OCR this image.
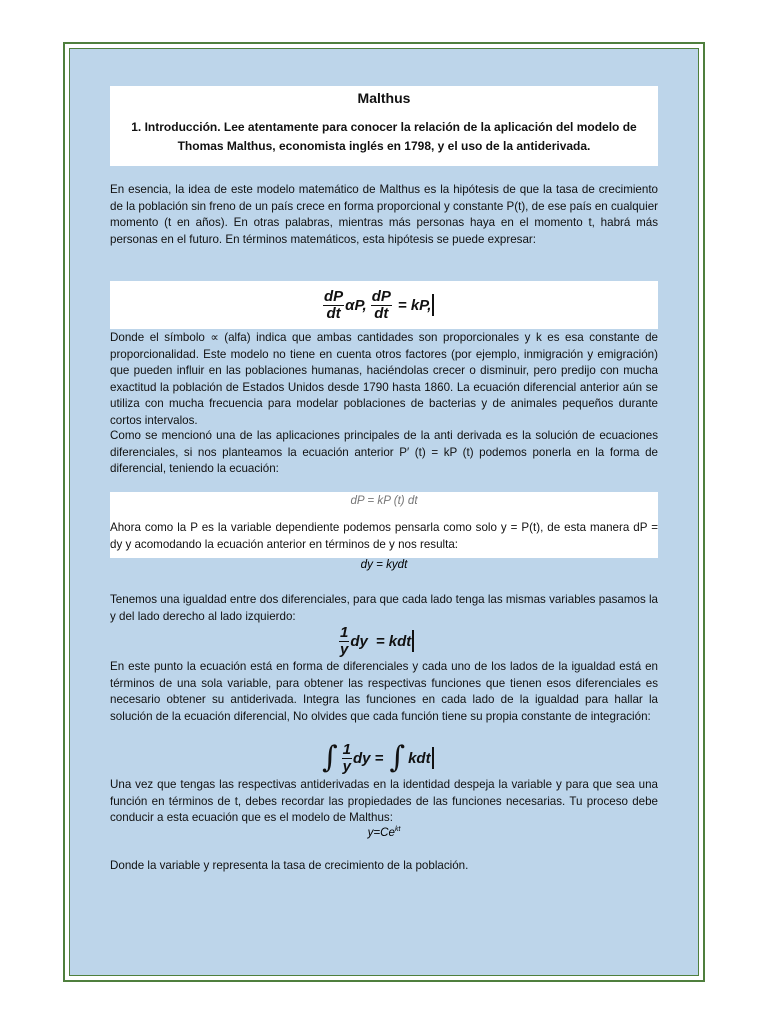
Malthus
1. Introducción. Lee atentamente para conocer la relación de la aplicación del modelo de Thomas Malthus, economista inglés en 1798, y el uso de la antiderivada.
En esencia, la idea de este modelo matemático de Malthus es la hipótesis de que la tasa de crecimiento de la población sin freno de un país crece en forma proporcional y constante P(t), de ese país en cualquier momento (t en años). En otras palabras, mientras más personas haya en el momento t, habrá más personas en el futuro. En términos matemáticos, esta hipótesis se puede expresar:
$\frac{dP}{dt} \alpha P$, $\frac{dP}{dt}$ = kP,
Donde el símbolo ∝ (alfa) indica que ambas cantidades son proporcionales y k es esa constante de proporcionalidad. Este modelo no tiene en cuenta otros factores (por ejemplo, inmigración y emigración) que pueden influir en las poblaciones humanas, haciéndolas crecer o disminuir, pero predijo con mucha exactitud la población de Estados Unidos desde 1790 hasta 1860. La ecuación diferencial anterior aún se utiliza con mucha frecuencia para modelar poblaciones de bacterias y de animales pequeños durante cortos intervalos.
Como se mencionó una de las aplicaciones principales de la anti derivada es la solución de ecuaciones diferenciales, si nos planteamos la ecuación anterior P′ (t) = kP (t) podemos ponerla en la forma de diferencial, teniendo la ecuación:
dP = kP (t) dt
Ahora como la P es la variable dependiente podemos pensarla como solo y = P(t), de esta manera dP = dy y acomodando la ecuación anterior en términos de y nos resulta:
dy = kydt
Tenemos una igualdad entre dos diferenciales, para que cada lado tenga las mismas variables pasamos la y del lado derecho al lado izquierdo:
$\frac{1}{y}$ dy = kdt
En este punto la ecuación está en forma de diferenciales y cada uno de los lados de la igualdad está en términos de una sola variable, para obtener las respectivas funciones que tienen esos diferenciales es necesario obtener su antiderivada. Integra las funciones en cada lado de la igualdad para hallar la solución de la ecuación diferencial, No olvides que cada función tiene su propia constante de integración:
∫ $\frac{1}{y}$ dy = ∫ kdt
Una vez que tengas las respectivas antiderivadas en la identidad despeja la variable y para que sea una función en términos de t, debes recordar las propiedades de las funciones necesarias. Tu proceso debe conducir a esta ecuación que es el modelo de Malthus:
$y=Ce^{kt}$
Donde la variable y representa la tasa de crecimiento de la población.
